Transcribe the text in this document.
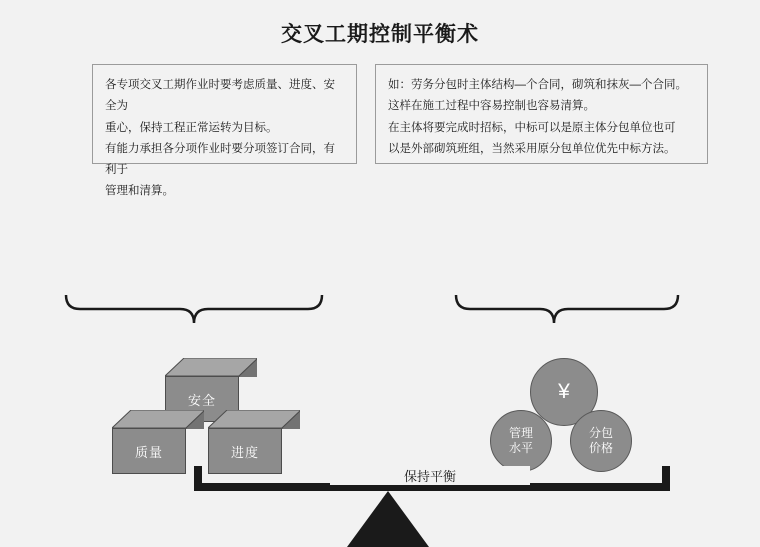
交叉工期控制平衡术

各专项交叉工期作业时要考虑质量、进度、安全为

重心，保持工程正常运转为目标。

有能力承担各分项作业时要分项签订合同，有利于

管理和清算。

如：劳务分包时主体结构—个合同，砌筑和抹灰—个合同。

这样在施工过程中容易控制也容易清算。

在主体将要完成时招标，中标可以是原主体分包单位也可

以是外部砌筑班组，当然采用原分包单位优先中标方法。

安全
质量	进度
¥
管理
水平
分包
价格
保持平衡
